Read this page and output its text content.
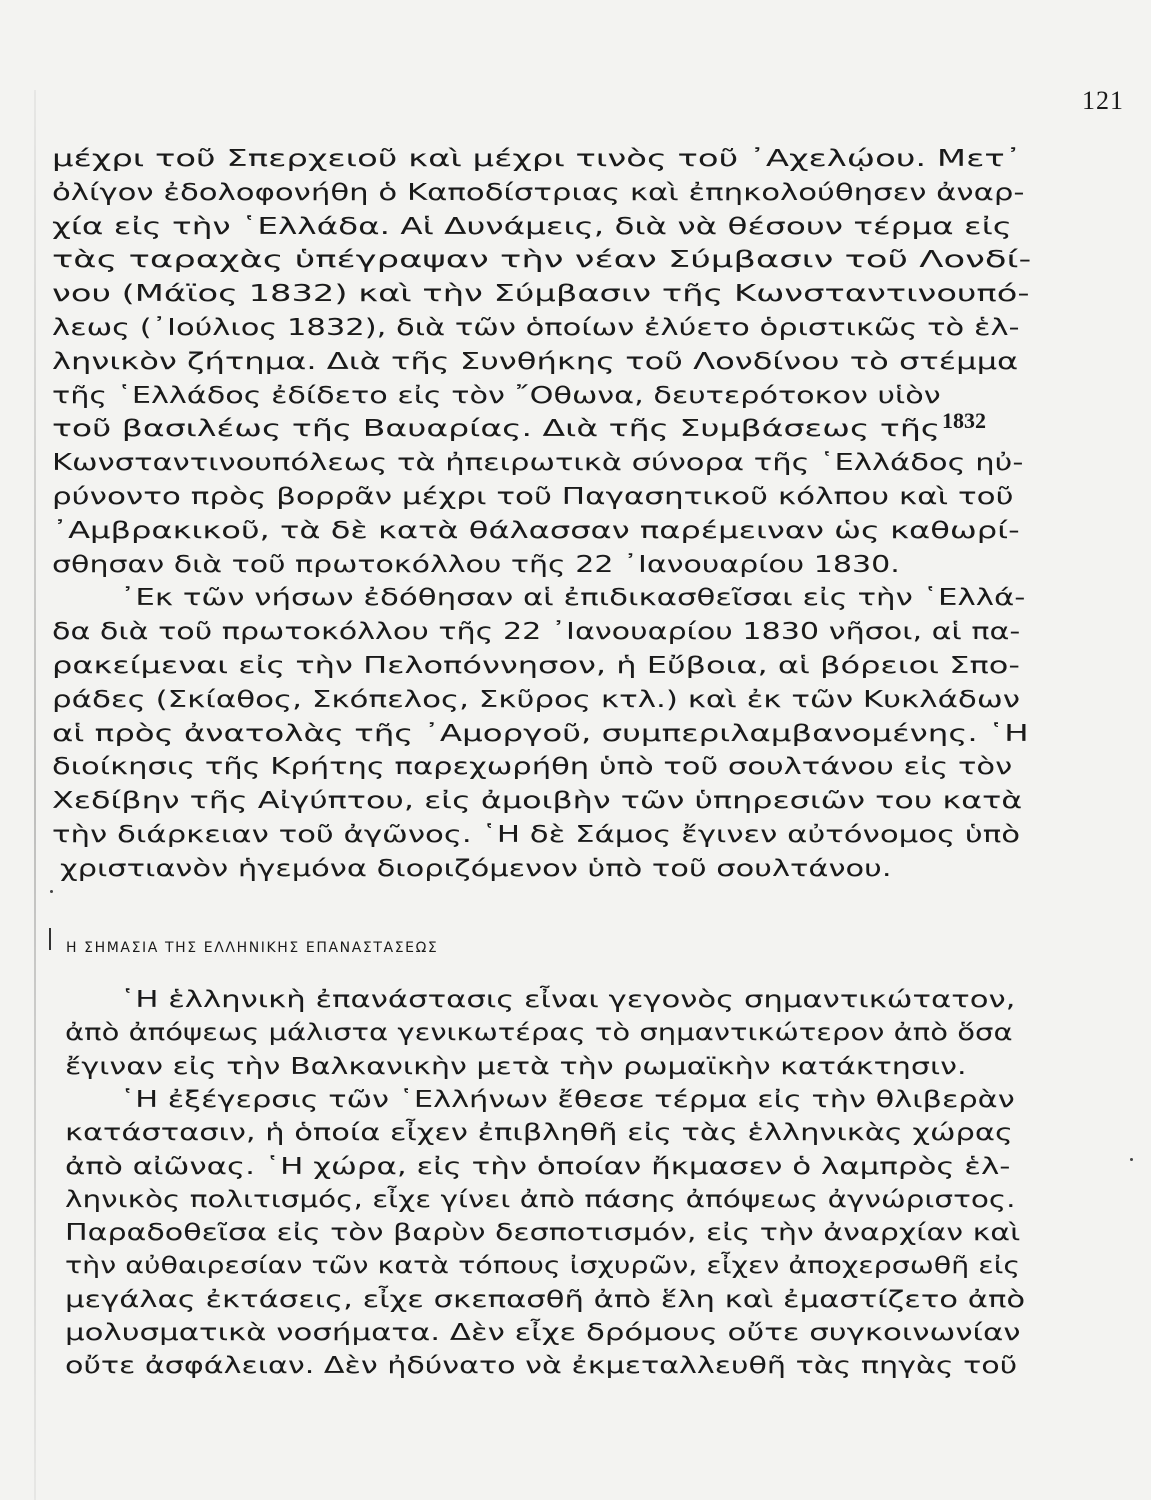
121
1832

μέχρι τοῦ Σπερχειοῦ καὶ μέχρι τινὸς τοῦ ᾿Αχελῴου. Μετ᾿

ὀλίγον ἐδολοφονήθη ὁ Καποδίστριας καὶ ἐπηκολούθησεν ἀναρ-

χία εἰς τὴν ῾Ελλάδα. Αἱ Δυνάμεις, διὰ νὰ θέσουν τέρμα εἰς

τὰς ταραχὰς ὑπέγραψαν τὴν νέαν Σύμβασιν τοῦ Λονδί-

νου (Μάϊος 1832) καὶ τὴν Σύμβασιν τῆς Κωνσταντινουπό-

λεως (᾿Ιούλιος 1832), διὰ τῶν ὁποίων ἐλύετο ὁριστικῶς τὸ ἑλ-

ληνικὸν ζήτημα. Διὰ τῆς Συνθήκης τοῦ Λονδίνου τὸ στέμμα

τῆς ῾Ελλάδος ἐδίδετο εἰς τὸν ῎Οθωνα, δευτερότοκον υἱὸν

τοῦ βασιλέως τῆς Βαυαρίας. Διὰ τῆς Συμβάσεως τῆς

Κωνσταντινουπόλεως τὰ ἠπειρωτικὰ σύνορα τῆς ῾Ελλάδος ηὐ-

ρύνοντο πρὸς βορρᾶν μέχρι τοῦ Παγασητικοῦ κόλπου καὶ τοῦ

᾿Αμβρακικοῦ, τὰ δὲ κατὰ θάλασσαν παρέμειναν ὡς καθωρί-

σθησαν διὰ τοῦ πρωτοκόλλου τῆς 22 ᾿Ιανουαρίου 1830.

᾿Εκ τῶν νήσων ἐδόθησαν αἱ ἐπιδικασθεῖσαι εἰς τὴν ῾Ελλά-

δα διὰ τοῦ πρωτοκόλλου τῆς 22 ᾿Ιανουαρίου 1830 νῆσοι, αἱ πα-

ρακείμεναι εἰς τὴν Πελοπόννησον, ἡ Εὔβοια, αἱ βόρειοι Σπο-

ράδες (Σκίαθος, Σκόπελος, Σκῦρος κτλ.) καὶ ἐκ τῶν Κυκλάδων

αἱ πρὸς ἀνατολὰς τῆς ᾿Αμοργοῦ, συμπεριλαμβανομένης. ῾Η

διοίκησις τῆς Κρήτης παρεχωρήθη ὑπὸ τοῦ σουλτάνου εἰς τὸν

Χεδίβην τῆς Αἰγύπτου, εἰς ἀμοιβὴν τῶν ὑπηρεσιῶν του κατὰ

τὴν διάρκειαν τοῦ ἀγῶνος. ῾Η δὲ Σάμος ἔγινεν αὐτόνομος ὑπὸ

χριστιανὸν ἡγεμόνα διοριζόμενον ὑπὸ τοῦ σουλτάνου.

Η ΣΗΜΑΣΙΑ ΤΗΣ ΕΛΛΗΝΙΚΗΣ ΕΠΑΝΑΣΤΑΣΕΩΣ

῾Η ἑλληνικὴ ἐπανάστασις εἶναι γεγονὸς σημαντικώτατον,

ἀπὸ ἀπόψεως μάλιστα γενικωτέρας τὸ σημαντικώτερον ἀπὸ ὅσα

ἔγιναν εἰς τὴν Βαλκανικὴν μετὰ τὴν ρωμαϊκὴν κατάκτησιν.

῾Η ἐξέγερσις τῶν ῾Ελλήνων ἔθεσε τέρμα εἰς τὴν θλιβερὰν

κατάστασιν, ἡ ὁποία εἶχεν ἐπιβληθῆ εἰς τὰς ἑλληνικὰς χώρας

ἀπὸ αἰῶνας. ῾Η χώρα, εἰς τὴν ὁποίαν ἤκμασεν ὁ λαμπρὸς ἑλ-

ληνικὸς πολιτισμός, εἶχε γίνει ἀπὸ πάσης ἀπόψεως ἀγνώριστος.

Παραδοθεῖσα εἰς τὸν βαρὺν δεσποτισμόν, εἰς τὴν ἀναρχίαν καὶ

τὴν αὐθαιρεσίαν τῶν κατὰ τόπους ἰσχυρῶν, εἶχεν ἀποχερσωθῆ εἰς

μεγάλας ἐκτάσεις, εἶχε σκεπασθῆ ἀπὸ ἕλη καὶ ἐμαστίζετο ἀπὸ

μολυσματικὰ νοσήματα. Δὲν εἶχε δρόμους οὔτε συγκοινωνίαν

οὔτε ἀσφάλειαν. Δὲν ἠδύνατο νὰ ἐκμεταλλευθῆ τὰς πηγὰς τοῦ
